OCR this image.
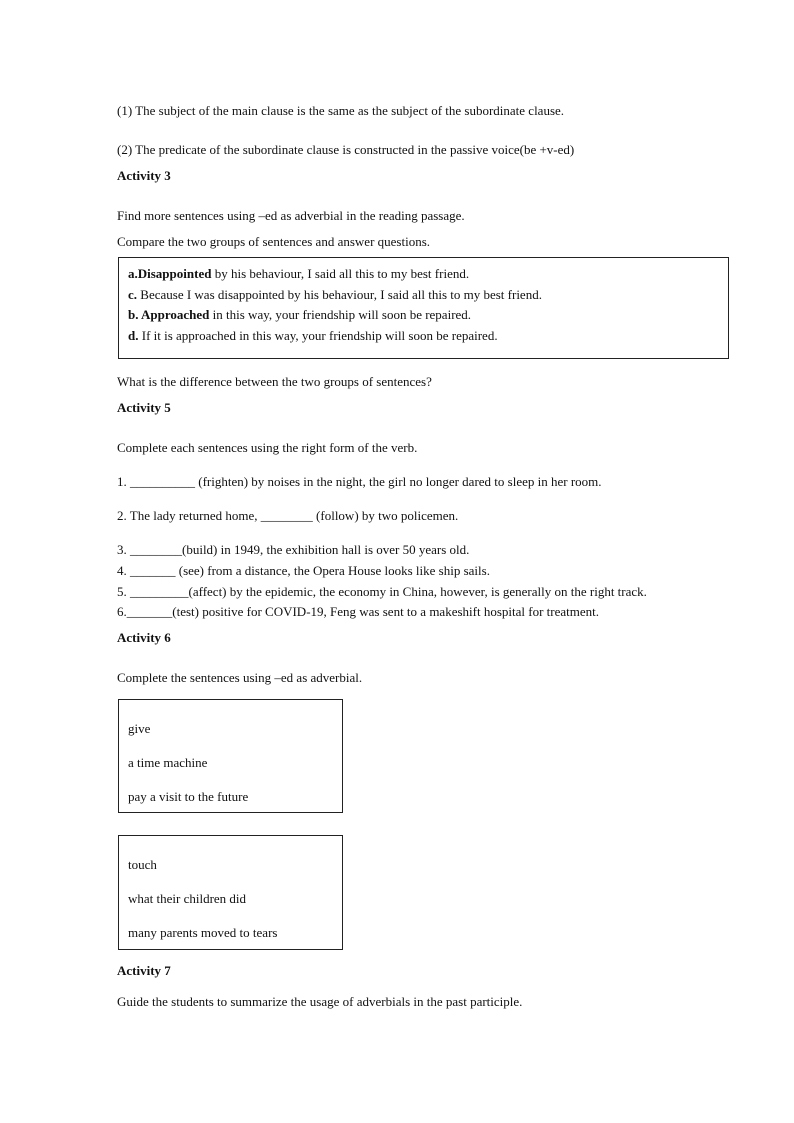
(1) The subject of the main clause is the same as the subject of the subordinate clause.
(2) The predicate of the subordinate clause is constructed in the passive voice(be +v-ed)
Activity 3
Find more sentences using –ed as adverbial in the reading passage.
Compare the two groups of sentences and answer questions.
a.Disappointed by his behaviour, I said all this to my best friend.
c. Because I was disappointed by his behaviour, I said all this to my best friend.
b. Approached in this way, your friendship will soon be repaired.
d. If it is approached in this way, your friendship will soon be repaired.
What is the difference between the two groups of sentences?
Activity 5
Complete each sentences using the right form of the verb.
1. __________ (frighten) by noises in the night, the girl no longer dared to sleep in her room.
2. The lady returned home, ________ (follow) by two policemen.
3. ________(build) in 1949, the exhibition hall is over 50 years old.
4. _______ (see) from a distance, the Opera House looks like ship sails.
5. _________(affect) by the epidemic, the economy in China, however, is generally on the right track.
6._______(test) positive for COVID-19, Feng was sent to a makeshift hospital for treatment.
Activity 6
Complete the sentences using –ed as adverbial.
give
a time machine
pay a visit to the future
touch
what their children did
many parents moved to tears
Activity 7
Guide the students to summarize the usage of adverbials in the past participle.
